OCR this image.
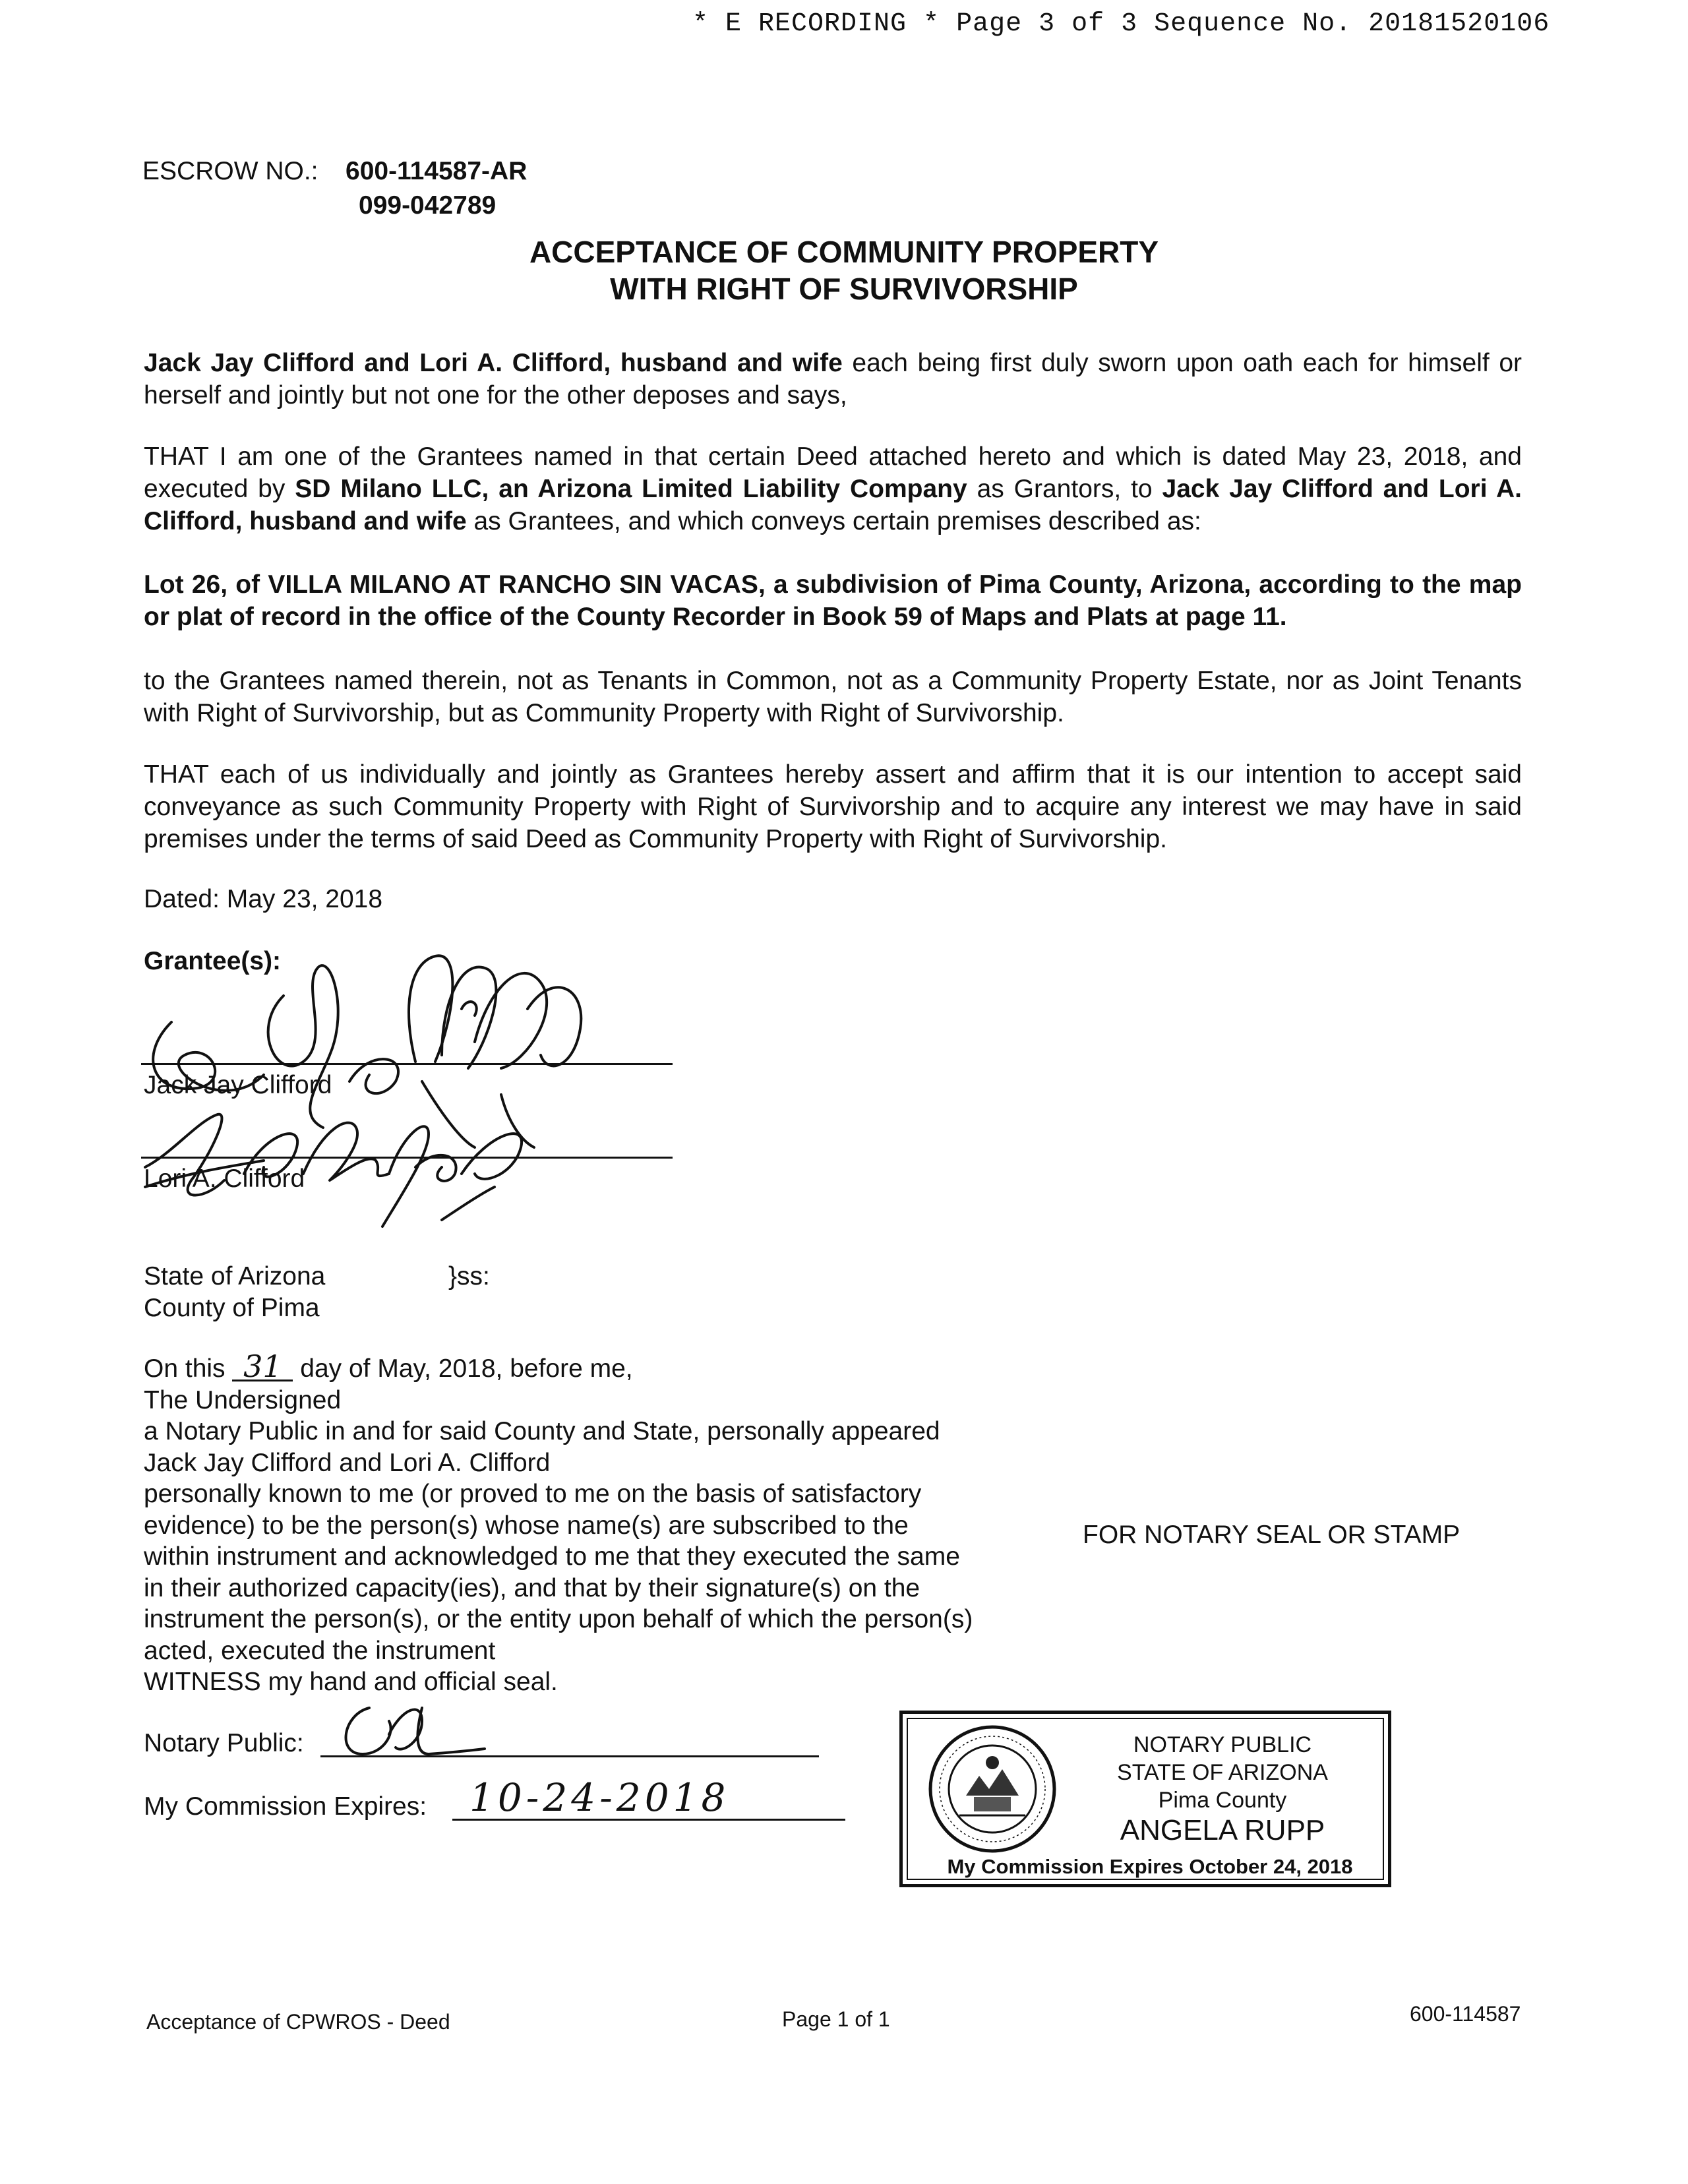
* E RECORDING * Page 3 of 3 Sequence No. 20181520106
ESCROW NO.: 600-114587-AR
099-042789
ACCEPTANCE OF COMMUNITY PROPERTY
WITH RIGHT OF SURVIVORSHIP
Jack Jay Clifford and Lori A. Clifford, husband and wife each being first duly sworn upon oath each for himself or herself and jointly but not one for the other deposes and says,
THAT I am one of the Grantees named in that certain Deed attached hereto and which is dated May 23, 2018, and executed by SD Milano LLC, an Arizona Limited Liability Company as Grantors, to Jack Jay Clifford and Lori A. Clifford, husband and wife as Grantees, and which conveys certain premises described as:
Lot 26, of VILLA MILANO AT RANCHO SIN VACAS, a subdivision of Pima County, Arizona, according to the map or plat of record in the office of the County Recorder in Book 59 of Maps and Plats at page 11.
to the Grantees named therein, not as Tenants in Common, not as a Community Property Estate, nor as Joint Tenants with Right of Survivorship, but as Community Property with Right of Survivorship.
THAT each of us individually and jointly as Grantees hereby assert and affirm that it is our intention to accept said conveyance as such Community Property with Right of Survivorship and to acquire any interest we may have in said premises under the terms of said Deed as Community Property with Right of Survivorship.
Dated: May 23, 2018
Grantee(s):
Jack Jay Clifford
Lori A. Clifford
State of Arizona	}ss:
County of Pima
On this 31 day of May, 2018, before me,
The Undersigned
a Notary Public in and for said County and State, personally appeared
Jack Jay Clifford and Lori A. Clifford
personally known to me (or proved to me on the basis of satisfactory
evidence) to be the person(s) whose name(s) are subscribed to the
within instrument and acknowledged to me that they executed the same
in their authorized capacity(ies), and that by their signature(s) on the
instrument the person(s), or the entity upon behalf of which the person(s)
acted, executed the instrument
WITNESS my hand and official seal.
Notary Public:
My Commission Expires: 10-24-2018
FOR NOTARY SEAL OR STAMP
NOTARY PUBLIC
STATE OF ARIZONA
Pima County
ANGELA RUPP
My Commission Expires October 24, 2018
Acceptance of CPWROS - Deed	Page 1 of 1	600-114587
